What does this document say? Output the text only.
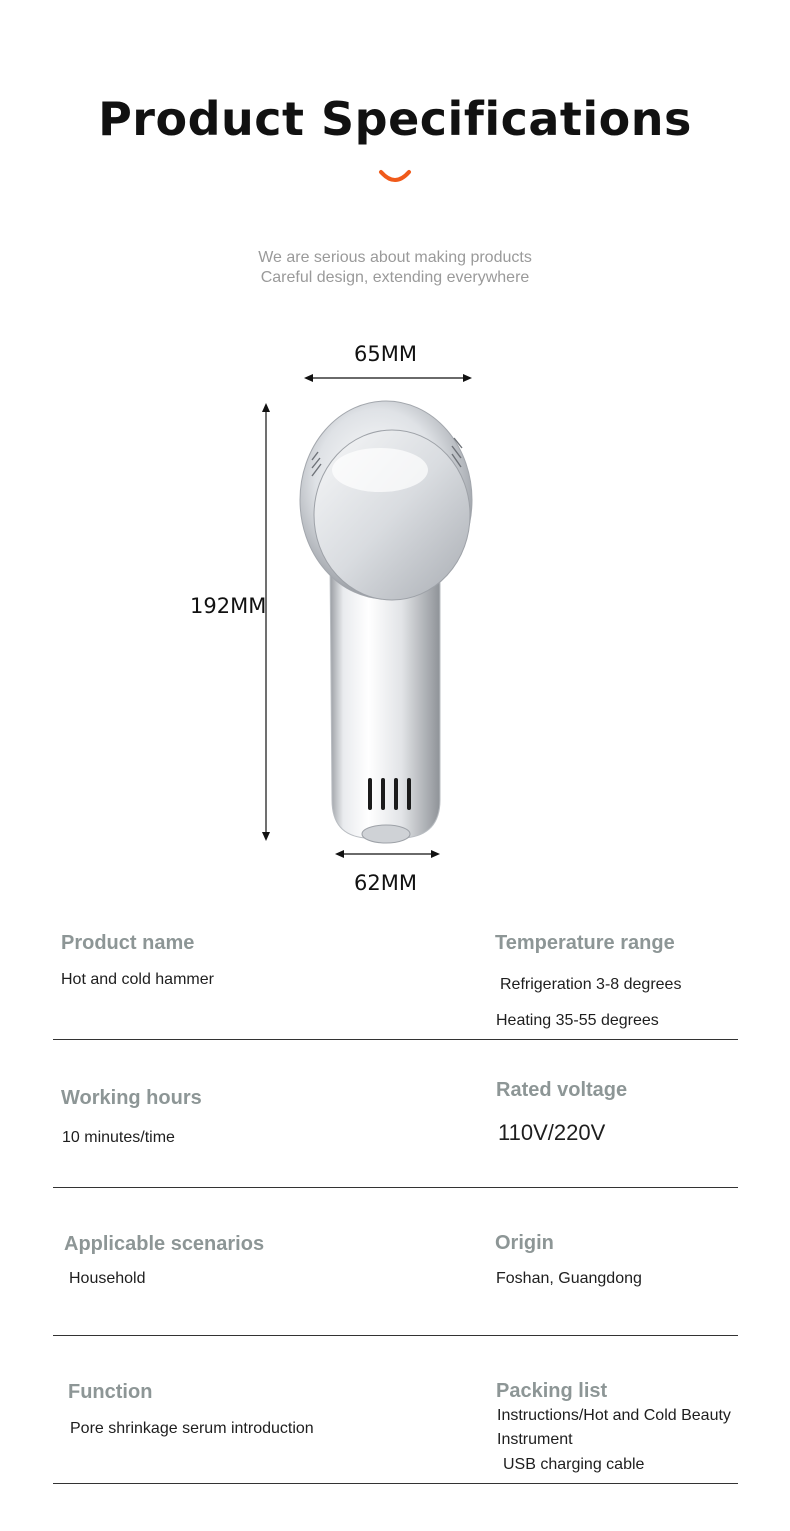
Product Specifications
We are serious about making products
Careful design, extending everywhere
65MM
192MM
62MM
Product name
Hot and cold hammer
Temperature range
Refrigeration 3-8 degrees
Heating 35-55 degrees
Working hours
10 minutes/time
Rated voltage
110V/220V
Applicable scenarios
Household
Origin
Foshan, Guangdong
Function
Pore shrinkage serum introduction
Packing list
Instructions/Hot and Cold Beauty
Instrument
USB charging cable
